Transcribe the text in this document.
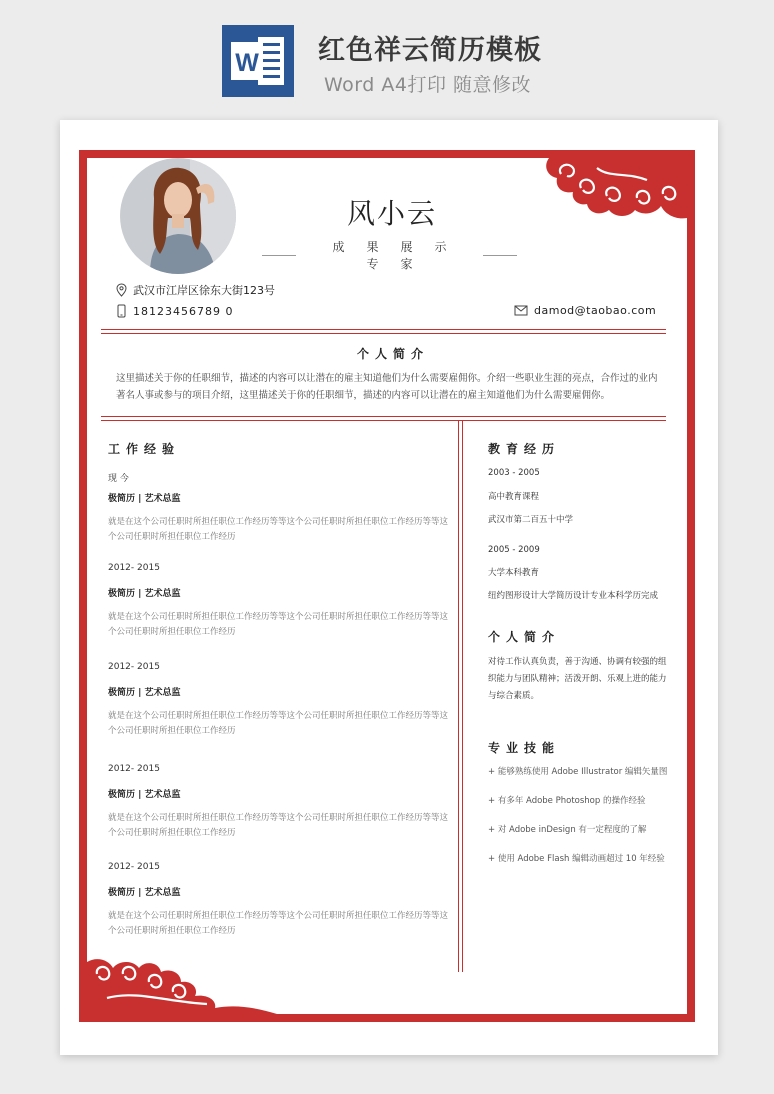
W 红色祥云简历模板
Word A4打印 随意修改
风小云
成果展示专家
武汉市江岸区徐东大街123号
18123456789 0	damod@taobao.com
个人简介
这里描述关于你的任职细节，描述的内容可以让潜在的雇主知道他们为什么需要雇佣你。介绍一些职业生涯的亮点，合作过的业内著名人事或参与的项目介绍，这里描述关于你的任职细节，描述的内容可以让潜在的雇主知道他们为什么需要雇佣你。
工作经验
现 今
极简历 | 艺术总监
就是在这个公司任职时所担任职位工作经历等等这个公司任职时所担任职位工作经历等等这个公司任职时所担任职位工作经历
2012- 2015
极简历 | 艺术总监
就是在这个公司任职时所担任职位工作经历等等这个公司任职时所担任职位工作经历等等这个公司任职时所担任职位工作经历
2012- 2015
极简历 | 艺术总监
就是在这个公司任职时所担任职位工作经历等等这个公司任职时所担任职位工作经历等等这个公司任职时所担任职位工作经历
2012- 2015
极简历 | 艺术总监
就是在这个公司任职时所担任职位工作经历等等这个公司任职时所担任职位工作经历等等这个公司任职时所担任职位工作经历
2012- 2015
极简历 | 艺术总监
就是在这个公司任职时所担任职位工作经历等等这个公司任职时所担任职位工作经历等等这个公司任职时所担任职位工作经历
教育经历
2003 - 2005
高中教育课程
武汉市第二百五十中学
2005 - 2009
大学本科教育
纽约图形设计大学简历设计专业本科学历完成
个人简介
对待工作认真负责，善于沟通、协调有较强的组织能力与团队精神；活泼开朗、乐观上进的能力与综合素质。
专业技能
+ 能够熟练使用 Adobe Illustrator 编辑矢量图
+ 有多年 Adobe Photoshop 的操作经验
+ 对 Adobe inDesign 有一定程度的了解
+ 使用 Adobe Flash 编辑动画超过 10 年经验
